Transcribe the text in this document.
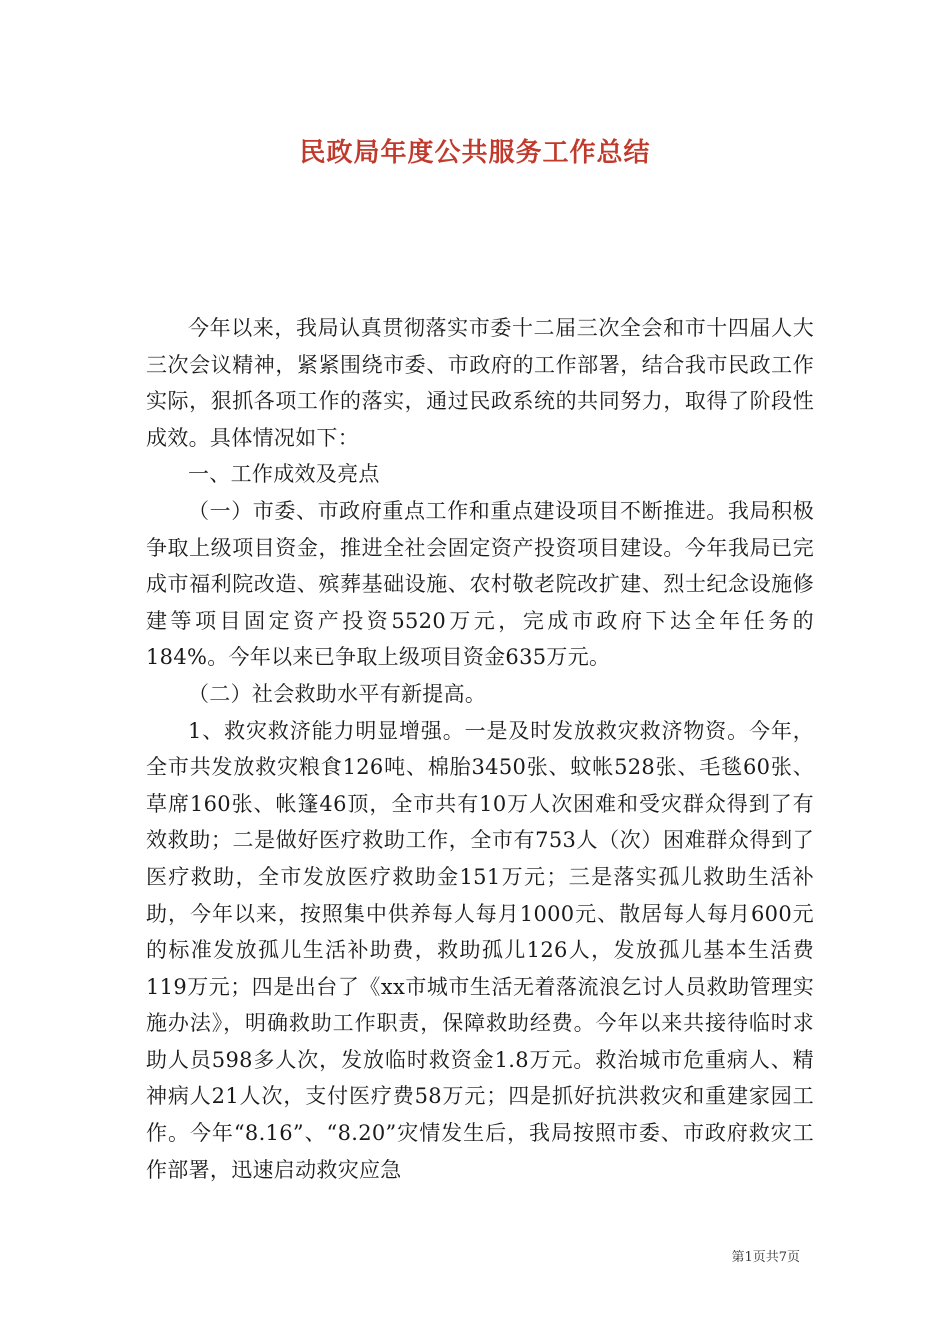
民政局年度公共服务工作总结

今年以来，我局认真贯彻落实市委十二届三次全会和市十四届人大三次会议精神，紧紧围绕市委、市政府的工作部署，结合我市民政工作实际，狠抓各项工作的落实，通过民政系统的共同努力，取得了阶段性成效。具体情况如下：

一、工作成效及亮点

（一）市委、市政府重点工作和重点建设项目不断推进。我局积极争取上级项目资金，推进全社会固定资产投资项目建设。今年我局已完成市福利院改造、殡葬基础设施、农村敬老院改扩建、烈士纪念设施修建等项目固定资产投资5520万元，完成市政府下达全年任务的184%。今年以来已争取上级项目资金635万元。

（二）社会救助水平有新提高。

1、救灾救济能力明显增强。一是及时发放救灾救济物资。今年，全市共发放救灾粮食126吨、棉胎3450张、蚊帐528张、毛毯60张、草席160张、帐篷46顶，全市共有10万人次困难和受灾群众得到了有效救助；二是做好医疗救助工作，全市有753人（次）困难群众得到了医疗救助，全市发放医疗救助金151万元；三是落实孤儿救助生活补助，今年以来，按照集中供养每人每月1000元、散居每人每月600元的标准发放孤儿生活补助费，救助孤儿126人，发放孤儿基本生活费119万元；四是出台了《xx市城市生活无着落流浪乞讨人员救助管理实施办法》，明确救助工作职责，保障救助经费。今年以来共接待临时求助人员598多人次，发放临时救资金1.8万元。救治城市危重病人、精神病人21人次，支付医疗费58万元；四是抓好抗洪救灾和重建家园工作。今年“8.16”、“8.20”灾情发生后，我局按照市委、市政府救灾工作部署，迅速启动救灾应急

第1页共7页
